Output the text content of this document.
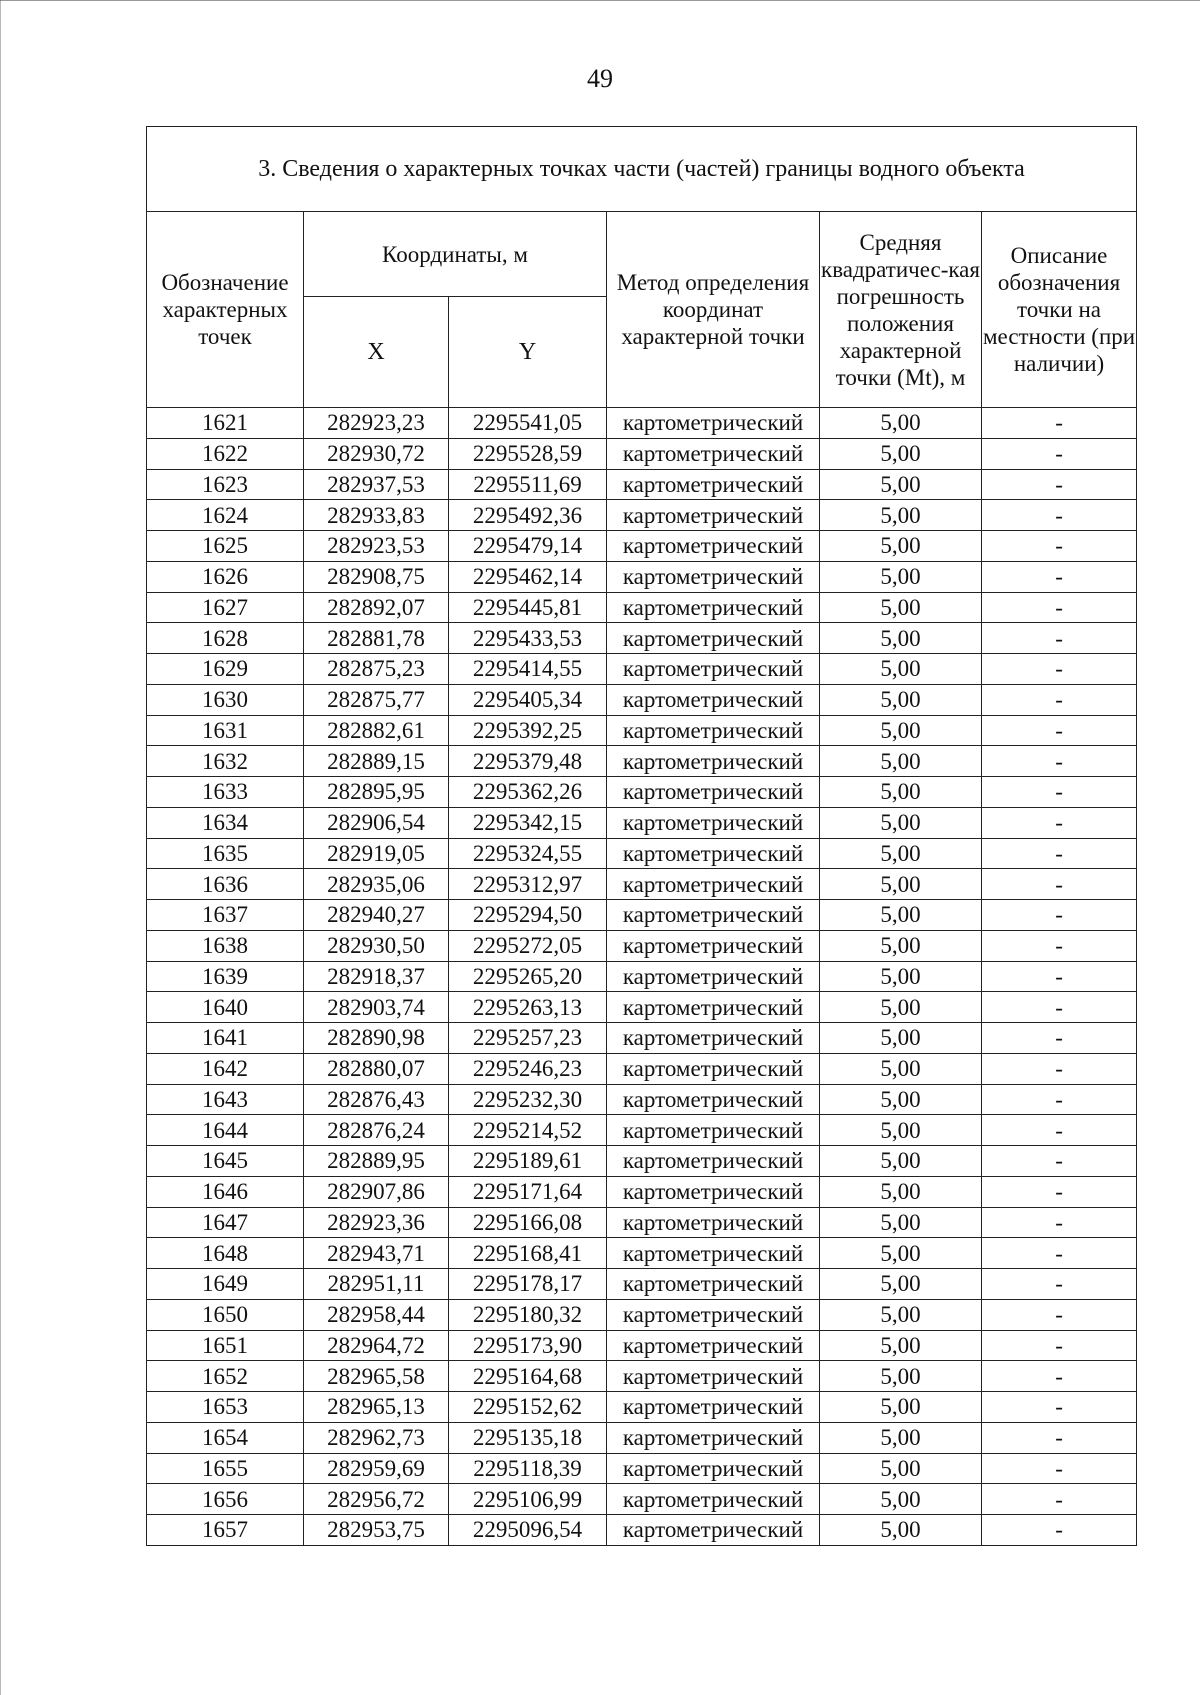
49
3. Сведения о характерных точках части (частей) границы водного объекта					
Обозначение характерных точек	Координаты, м		Метод определения координат характерной точки	Средняя квадратичес-кая погрешность положения характерной точки (Mt), м	Описание обозначения точки на местности (при наличии)
	X	Y			
1621	282923,23	2295541,05	картометрический	5,00	-
1622	282930,72	2295528,59	картометрический	5,00	-
1623	282937,53	2295511,69	картометрический	5,00	-
1624	282933,83	2295492,36	картометрический	5,00	-
1625	282923,53	2295479,14	картометрический	5,00	-
1626	282908,75	2295462,14	картометрический	5,00	-
1627	282892,07	2295445,81	картометрический	5,00	-
1628	282881,78	2295433,53	картометрический	5,00	-
1629	282875,23	2295414,55	картометрический	5,00	-
1630	282875,77	2295405,34	картометрический	5,00	-
1631	282882,61	2295392,25	картометрический	5,00	-
1632	282889,15	2295379,48	картометрический	5,00	-
1633	282895,95	2295362,26	картометрический	5,00	-
1634	282906,54	2295342,15	картометрический	5,00	-
1635	282919,05	2295324,55	картометрический	5,00	-
1636	282935,06	2295312,97	картометрический	5,00	-
1637	282940,27	2295294,50	картометрический	5,00	-
1638	282930,50	2295272,05	картометрический	5,00	-
1639	282918,37	2295265,20	картометрический	5,00	-
1640	282903,74	2295263,13	картометрический	5,00	-
1641	282890,98	2295257,23	картометрический	5,00	-
1642	282880,07	2295246,23	картометрический	5,00	-
1643	282876,43	2295232,30	картометрический	5,00	-
1644	282876,24	2295214,52	картометрический	5,00	-
1645	282889,95	2295189,61	картометрический	5,00	-
1646	282907,86	2295171,64	картометрический	5,00	-
1647	282923,36	2295166,08	картометрический	5,00	-
1648	282943,71	2295168,41	картометрический	5,00	-
1649	282951,11	2295178,17	картометрический	5,00	-
1650	282958,44	2295180,32	картометрический	5,00	-
1651	282964,72	2295173,90	картометрический	5,00	-
1652	282965,58	2295164,68	картометрический	5,00	-
1653	282965,13	2295152,62	картометрический	5,00	-
1654	282962,73	2295135,18	картометрический	5,00	-
1655	282959,69	2295118,39	картометрический	5,00	-
1656	282956,72	2295106,99	картометрический	5,00	-
1657	282953,75	2295096,54	картометрический	5,00	-
